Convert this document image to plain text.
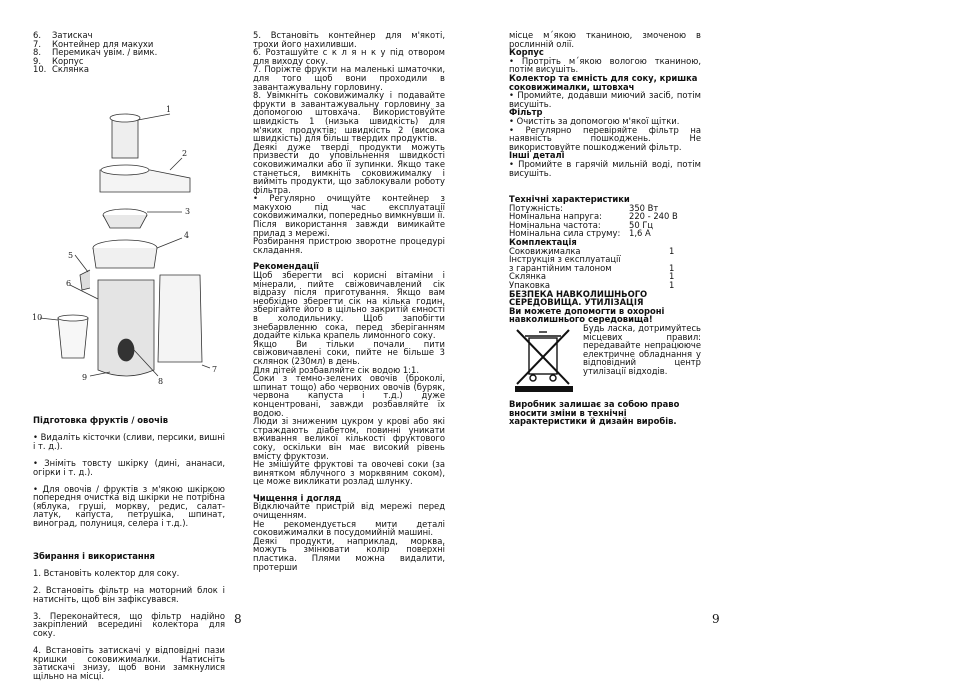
6.	Затискач
7.	Контейнер для макухи
8.	Перемикач увім. / вимк.
9.	Корпус
10. Склянка
1
2
3
4
5
6
7
8
9
10

Підготовка фруктів / овочів

• Видаліть кісточки (сливи, персики, вишні і т. д.).

• Зніміть товсту шкірку (дині, ананаси, огірки і т. д.).

• Для овочів / фруктів з м'якою шкіркою попередня очистка від шкірки не потрібна (яблука, груші, моркву, редис, салат-латук, капуста, петрушка, шпинат, виноград, полуниця, селера і т.д.).

Збирання і використання

1. Встановіть колектор для соку.

2. Встановіть фільтр на моторний блок і натисніть, щоб він зафіксувався.

3. Переконайтеся, що фільтр надійно закріплений всередині колектора для соку.

4. Встановіть затискачі у відповідні пази кришки соковижималки. Натисніть затискачі знизу, щоб вони замкнулися щільно на місці.

5. Встановіть контейнер для м'якоті, трохи його нахиливши.

6. Розташуйте с к л я н к у під отвором для виходу соку.

7. Поріжте фрукти на маленькі шматочки, для того щоб вони проходили в завантажувальну горловину.

8. Увімкніть соковижималку і подавайте фрукти в завантажувальну горловину за допомогою штовхача. Використовуйте швидкість 1 (низька швидкість) для м'яких продуктів; швидкість 2 (висока швидкість) для більш твердих продуктів.

Деякі дуже тверді продукти можуть призвести до уповільнення швидкості соковижималки або її зупинки. Якщо таке станеться, вимкніть соковижималку і вийміть продукти, що заблокували роботу фільтра.

• Регулярно очищуйте контейнер з макухою під час експлуатації соковижималки, попередньо вимкнувши її. Після використання завжди вимикайте прилад з мережі.

Розбирання пристрою зворотне процедурі складання.

Рекомендації

Щоб зберегти всі корисні вітаміни і мінерали, пийте свіжовичавлений сік відразу після приготування. Якщо вам необхідно зберегти сік на кілька годин, зберігайте його в щільно закритій ємності в холодильнику. Щоб запобігти знебарвленню сока, перед зберіганням додайте кілька крапель лимонного соку.

Якщо Ви тільки почали пити свіжовичавлені соки, пийте не більше 3 склянок (230мл) в день.

Для дітей розбавляйте сік водою 1:1.

Соки з темно-зелених овочів (броколі, шпинат тощо) або червоних овочів (буряк, червона капуста і т.д.) дуже концентровані, завжди розбавляйте їх водою.

Люди зі зниженим цукром у крові або які страждають діабетом, повинні уникати вживання великої кількості фруктового соку, оскільки він має високий рівень вмісту фруктози.

Не змішуйте фруктові та овочеві соки (за винятком яблучного з морквяним соком), це може викликати розлад шлунку.

Чищення і догляд

Відключайте пристрій від мережі перед очищенням.

Не рекомендується мити деталі соковижималки в посудомийній машині.

Деякі продукти, наприклад, морква, можуть змінювати колір поверхні пластика. Плями можна видалити, протерши

місце м´якою тканиною, змоченою в рослинній олії.

Корпус

• Протріть м´якою вологою тканиною, потім висушіть.

Колектор та ємність для соку, кришка соковижималки, штовхач

• Промийте, додавши миючий засіб, потім висушіть.

Фільтр

• Очистіть за допомогою м'якої щітки.

• Регулярно перевіряйте фільтр на наявність пошкоджень. Не використовуйте пошкоджений фільтр.

Інші деталі

• Промийте в гарячій мильній воді, потім висушіть.

Технічні характеристики

Потужність:	350 Вт
Номінальна напруга:	220 - 240 В
Номінальна частота:	50 Гц
Номінальна сила струму:	1,6 А

Комплектація

Соковижималка	1
Інструкція з експлуатації
з гарантійним талоном	1
Склянка	1
Упаковка	1

БЕЗПЕКА НАВКОЛИШНЬОГО СЕРЕДОВИЩА. УТИЛІЗАЦІЯ

Ви можете допомогти в охороні навколишнього середовища!

Будь ласка, дотримуйтесь місцевих правил: передавайте непрацююче електричне обладнання у відповідний центр утилізації відходів.

Виробник залишає за собою право вносити зміни в технічні характеристики й дизайн виробів.

8	9
